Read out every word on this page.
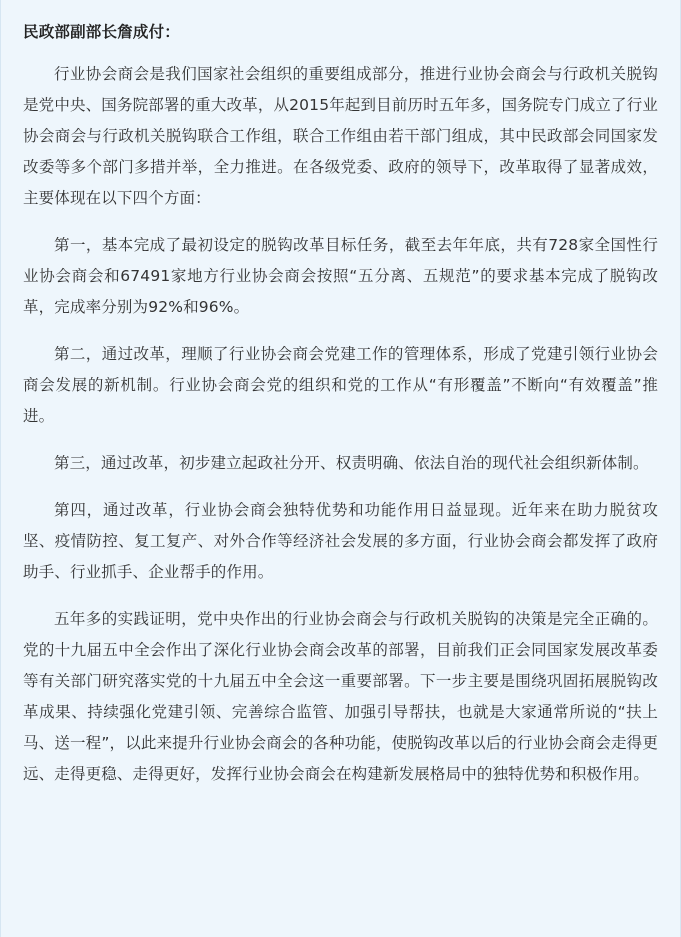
民政部副部长詹成付：

行业协会商会是我们国家社会组织的重要组成部分，推进行业协会商会与行政机关脱钩是党中央、国务院部署的重大改革，从2015年起到目前历时五年多，国务院专门成立了行业协会商会与行政机关脱钩联合工作组，联合工作组由若干部门组成，其中民政部会同国家发改委等多个部门多措并举，全力推进。在各级党委、政府的领导下，改革取得了显著成效，主要体现在以下四个方面：

第一，基本完成了最初设定的脱钩改革目标任务，截至去年年底，共有728家全国性行业协会商会和67491家地方行业协会商会按照“五分离、五规范”的要求基本完成了脱钩改革，完成率分别为92%和96%。

第二，通过改革，理顺了行业协会商会党建工作的管理体系，形成了党建引领行业协会商会发展的新机制。行业协会商会党的组织和党的工作从“有形覆盖”不断向“有效覆盖”推进。

第三，通过改革，初步建立起政社分开、权责明确、依法自治的现代社会组织新体制。

第四，通过改革，行业协会商会独特优势和功能作用日益显现。近年来在助力脱贫攻坚、疫情防控、复工复产、对外合作等经济社会发展的多方面，行业协会商会都发挥了政府助手、行业抓手、企业帮手的作用。

五年多的实践证明，党中央作出的行业协会商会与行政机关脱钩的决策是完全正确的。党的十九届五中全会作出了深化行业协会商会改革的部署，目前我们正会同国家发展改革委等有关部门研究落实党的十九届五中全会这一重要部署。下一步主要是围绕巩固拓展脱钩改革成果、持续强化党建引领、完善综合监管、加强引导帮扶，也就是大家通常所说的“扶上马、送一程”，以此来提升行业协会商会的各种功能，使脱钩改革以后的行业协会商会走得更远、走得更稳、走得更好，发挥行业协会商会在构建新发展格局中的独特优势和积极作用。
